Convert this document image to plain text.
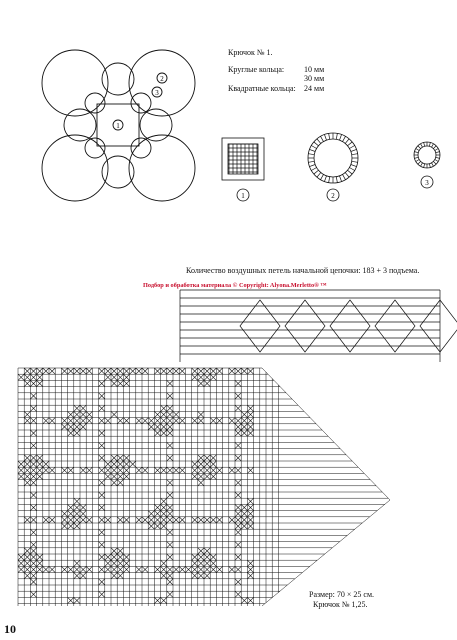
1
2
3
1	2
3
Крючок № 1.
Круглые кольца:	10 мм
30 мм
Квадратные кольца:	24 мм
Количество воздушных петель начальной цепочки: 183 + 3 подъема.
Подбор и обработка материала © Copyright: Alyona.Merletto® ™
Размер: 70 × 25 см.
Крючок № 1,25.
10
